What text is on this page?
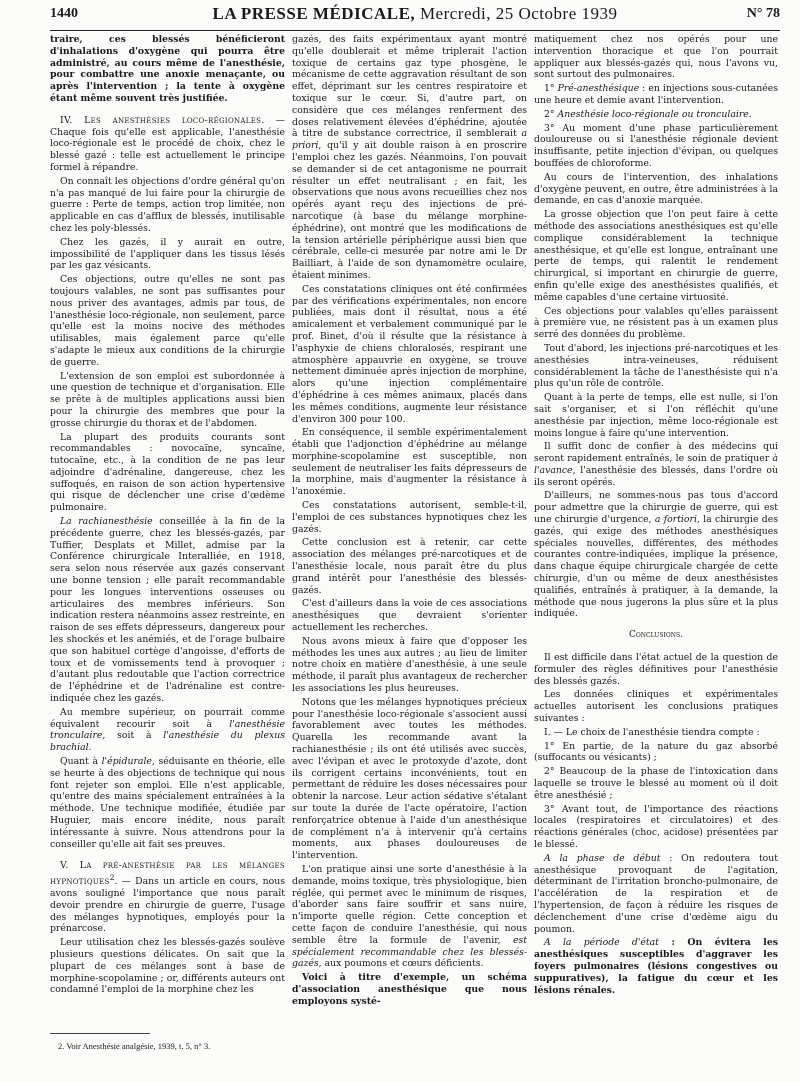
1440	LA PRESSE MÉDICALE, Mercredi, 25 Octobre 1939	N° 78

traire, ces blessés bénéficieront d'inhalations d'oxygène qui pourra être administré, au cours même de l'anesthésie, pour combattre une anoxie menaçante, ou après l'intervention ; la tente à oxygène étant même souvent très justifiée.

IV. Les anesthésies loco-régionales. — Chaque fois qu'elle est applicable, l'anesthésie loco-régionale est le procédé de choix, chez le blessé gazé : telle est actuellement le principe formel à répandre.

On connaît les objections d'ordre général qu'on n'a pas manqué de lui faire pour la chirurgie de guerre : Perte de temps, action trop limitée, non applicable en cas d'afflux de blessés, inutilisable chez les poly-blessés.

Chez les gazés, il y aurait en outre, impossibilité de l'appliquer dans les tissus lésés par les gaz vésicants.

Ces objections, outre qu'elles ne sont pas toujours valables, ne sont pas suffisantes pour nous priver des avantages, admis par tous, de l'anesthésie loco-régionale, non seulement, parce qu'elle est la moins nocive des méthodes utilisables, mais également parce qu'elle s'adapte le mieux aux conditions de la chirurgie de guerre.

L'extension de son emploi est subordonnée à une question de technique et d'organisation. Elle se prête à de multiples applications aussi bien pour la chirurgie des membres que pour la grosse chirurgie du thorax et de l'abdomen.

La plupart des produits courants sont recommandables : novocaïne, syncaïne, tutocaïne, etc., à la condition de ne pas leur adjoindre d'adrénaline, dangereuse, chez les suffoqués, en raison de son action hypertensive qui risque de déclencher une crise d'œdème pulmonaire.

La rachianesthésie conseillée à la fin de la précédente guerre, chez les blessés-gazés, par Tuffier, Desplats et Millet, admise par la Conférence chirurgicale Interalliée, en 1918, sera selon nous réservée aux gazés conservant une bonne tension ; elle paraît recommandable pour les longues interventions osseuses ou articulaires des membres inférieurs. Son indication restera néanmoins assez restreinte, en raison de ses effets dépresseurs, dangereux pour les shockés et les anémiés, et de l'orage bulbaire que son habituel cortège d'angoisse, d'efforts de toux et de vomissements tend à provoquer ; d'autant plus redoutable que l'action correctrice de l'éphédrine et de l'adrénaline est contre-indiquée chez les gazés.

Au membre supérieur, on pourrait comme équivalent recourir soit à l'anesthésie tronculaire, soit à l'anesthésie du plexus brachial.

Quant à l'épidurale, séduisante en théorie, elle se heurte à des objections de technique qui nous font rejeter son emploi. Elle n'est applicable, qu'entre des mains spécialement entraînées à la méthode. Une technique modifiée, étudiée par Huguier, mais encore inédite, nous paraît intéressante à suivre. Nous attendrons pour la conseiller qu'elle ait fait ses preuves.

V. La pré-anesthésie par les mélanges hypnotiques$^2$. — Dans un article en cours, nous avons souligné l'importance que nous paraît devoir prendre en chirurgie de guerre, l'usage des mélanges hypnotiques, employés pour la prénarcose.

Leur utilisation chez les blessés-gazés soulève plusieurs questions délicates. On sait que la plupart de ces mélanges sont à base de morphine-scopolamine ; or, différents auteurs ont condamné l'emploi de la morphine chez les

gazés, des faits expérimentaux ayant montré qu'elle doublerait et même triplerait l'action toxique de certains gaz type phosgène, le mécanisme de cette aggravation résultant de son effet, déprimant sur les centres respiratoire et toxique sur le cœur. Si, d'autre part, on considère que ces mélanges renferment des doses relativement élevées d'éphédrine, ajoutée à titre de substance correctrice, il semblerait a priori, qu'il y ait double raison à en proscrire l'emploi chez les gazés. Néanmoins, l'on pouvait se demander si de cet antagonisme ne pourrait résulter un effet neutralisant ; en fait, les observations que nous avons recueillies chez nos opérés ayant reçu des injections de pré-narcotique (à base du mélange morphine-éphédrine), ont montré que les modifications de la tension artérielle périphérique aussi bien que cérébrale, celle-ci mesurée par notre ami le Dr Bailliart, à l'aide de son dynamomètre oculaire, étaient minimes.

Ces constatations cliniques ont été confirmées par des vérifications expérimentales, non encore publiées, mais dont il résultat, nous a été amicalement et verbalement communiqué par le prof. Binet, d'où il résulte que la résistance à l'asphyxie de chiens chloralosés, respirant une atmosphère appauvrie en oxygène, se trouve nettement diminuée après injection de morphine, alors qu'une injection complémentaire d'éphédrine à ces mêmes animaux, placés dans les mêmes conditions, augmente leur résistance d'environ 300 pour 100.

En conséquence, il semble expérimentalement établi que l'adjonction d'éphédrine au mélange morphine-scopolamine est susceptible, non seulement de neutraliser les faits dépresseurs de la morphine, mais d'augmenter la résistance à l'anoxémie.

Ces constatations autorisent, semble-t-il, l'emploi de ces substances hypnotiques chez les gazés.

Cette conclusion est à retenir, car cette association des mélanges pré-narcotiques et de l'anesthésie locale, nous paraît être du plus grand intérêt pour l'anesthésie des blessés-gazés.

C'est d'ailleurs dans la voie de ces associations anesthésiques que devraient s'orienter actuellement les recherches.

Nous avons mieux à faire que d'opposer les méthodes les unes aux autres ; au lieu de limiter notre choix en matière d'anesthésie, à une seule méthode, il paraît plus avantageux de rechercher les associations les plus heureuses.

Notons que les mélanges hypnotiques précieux pour l'anesthésie loco-régionale s'associent aussi favorablement avec toutes les méthodes. Quarella les recommande avant la rachianesthésie ; ils ont été utilisés avec succès, avec l'évipan et avec le protoxyde d'azote, dont ils corrigent certains inconvénients, tout en permettant de réduire les doses nécessaires pour obtenir la narcose. Leur action sédative s'étalant sur toute la durée de l'acte opératoire, l'action renforçatrice obtenue à l'aide d'un anesthésique de complément n'a à intervenir qu'à certains moments, aux phases douloureuses de l'intervention.

L'on pratique ainsi une sorte d'anesthésie à la demande, moins toxique, très physiologique, bien réglée, qui permet avec le minimum de risques, d'aborder sans faire souffrir et sans nuire, n'importe quelle région. Cette conception et cette façon de conduire l'anesthésie, qui nous semble être la formule de l'avenir, est spécialement recommandable chez les blessés-gazés, aux poumons et cœurs déficients.

Voici à titre d'exemple, un schéma d'association anesthésique que nous employons systé-

matiquement chez nos opérés pour une intervention thoracique et que l'on pourrait appliquer aux blessés-gazés qui, nous l'avons vu, sont surtout des pulmonaires.

1° Pré-anesthésique : en injections sous-cutanées une heure et demie avant l'intervention.

2° Anesthésie loco-régionale ou tronculaire.

3° Au moment d'une phase particulièrement douloureuse ou si l'anesthésie régionale devient insuffisante, petite injection d'évipan, ou quelques bouffées de chloroforme.

Au cours de l'intervention, des inhalations d'oxygène peuvent, en outre, être administrées à la demande, en cas d'anoxie marquée.

La grosse objection que l'on peut faire à cette méthode des associations anesthésiques est qu'elle complique considérablement la technique anesthésique, et qu'elle est longue, entraînant une perte de temps, qui ralentit le rendement chirurgical, si important en chirurgie de guerre, enfin qu'elle exige des anesthésistes qualifiés, et même capables d'une certaine virtuosité.

Ces objections pour valables qu'elles paraissent à première vue, ne résistent pas à un examen plus serré des données du problème.

Tout d'abord, les injections pré-narcotiques et les anesthésies intra-veineuses, réduisent considérablement la tâche de l'anesthésiste qui n'a plus qu'un rôle de contrôle.

Quant à la perte de temps, elle est nulle, si l'on sait s'organiser, et si l'on réfléchit qu'une anesthésie par injection, même loco-régionale est moins longue à faire qu'une intervention.

Il suffit donc de confier à des médecins qui seront rapidement entraînés, le soin de pratiquer à l'avance, l'anesthésie des blessés, dans l'ordre où ils seront opérés.

D'ailleurs, ne sommes-nous pas tous d'accord pour admettre que la chirurgie de guerre, qui est une chirurgie d'urgence, a fortiori, la chirurgie des gazés, qui exige des méthodes anesthésiques spéciales nouvelles, différentes, des méthodes courantes contre-indiquées, implique la présence, dans chaque équipe chirurgicale chargée de cette chirurgie, d'un ou même de deux anesthésistes qualifiés, entraînés à pratiquer, à la demande, la méthode que nous jugerons la plus sûre et la plus indiquée.

Conclusions.

Il est difficile dans l'état actuel de la question de formuler des règles définitives pour l'anesthésie des blessés gazés.

Les données cliniques et expérimentales actuelles autorisent les conclusions pratiques suivantes :

I. — Le choix de l'anesthésie tiendra compte :

1° En partie, de la nature du gaz absorbé (suffocants ou vésicants) ;

2° Beaucoup de la phase de l'intoxication dans laquelle se trouve le blessé au moment où il doit être anesthésié ;

3° Avant tout, de l'importance des réactions locales (respiratoires et circulatoires) et des réactions générales (choc, acidose) présentées par le blessé.

A la phase de début : On redoutera tout anesthésique provoquant de l'agitation, déterminant de l'irritation broncho-pulmonaire, de l'accélération de la respiration et de l'hypertension, de façon à réduire les risques de déclenchement d'une crise d'œdème aigu du poumon.

A la période d'état : On évitera les anesthésiques susceptibles d'aggraver les foyers pulmonaires (lésions congestives ou suppuratives), la fatigue du cœur et les lésions rénales.

2. Voir Anesthésie analgésie, 1939, t. 5, n° 3.
